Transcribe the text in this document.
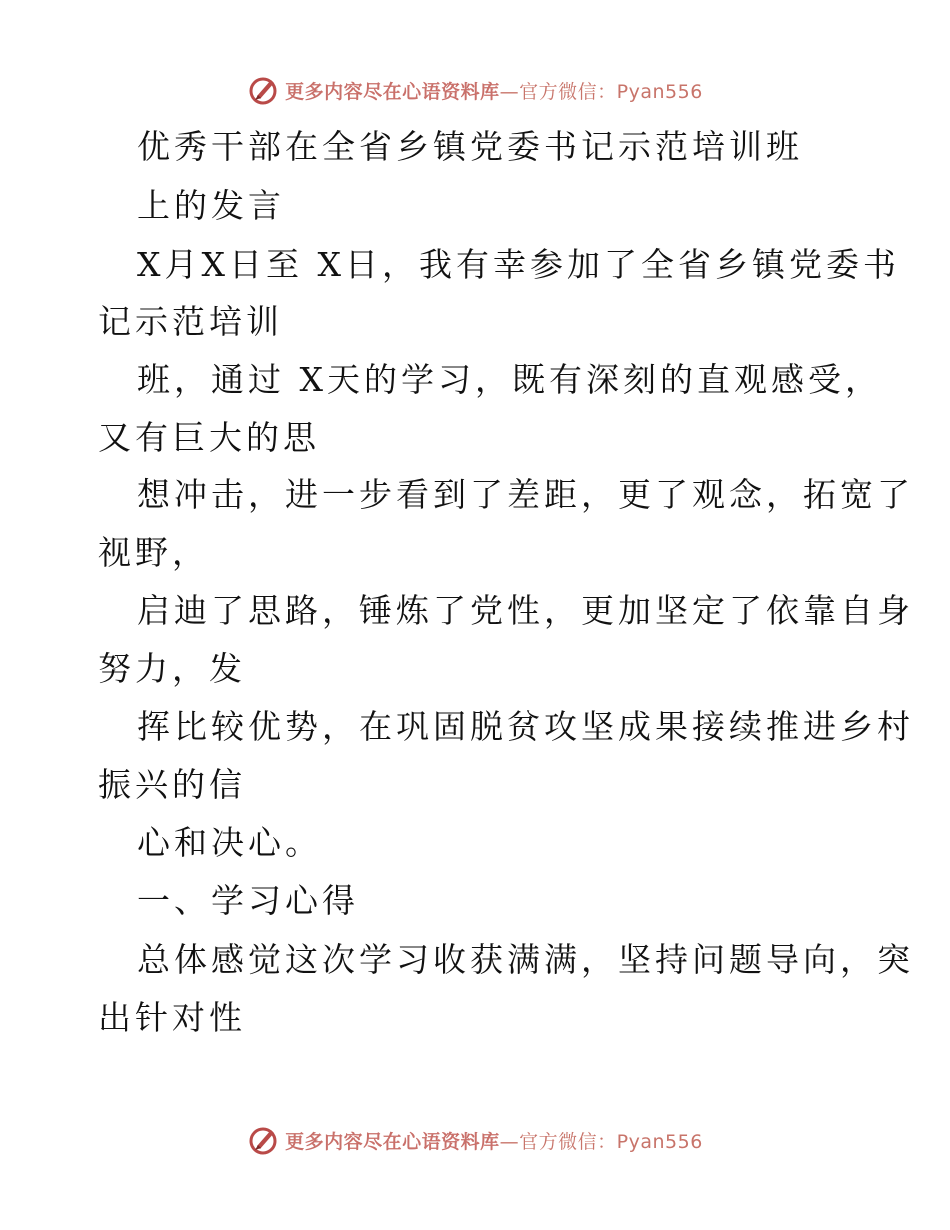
更多内容尽在心语资料库—官方微信：Pyan556
优秀干部在全省乡镇党委书记示范培训班
上的发言
X月X日至 X日，我有幸参加了全省乡镇党委书
记示范培训
班，通过 X天的学习，既有深刻的直观感受，
又有巨大的思
想冲击，进一步看到了差距，更了观念，拓宽了
视野，
启迪了思路，锤炼了党性，更加坚定了依靠自身
努力，发
挥比较优势，在巩固脱贫攻坚成果接续推进乡村
振兴的信
心和决心。
一、学习心得
总体感觉这次学习收获满满，坚持问题导向，突
出针对性
更多内容尽在心语资料库—官方微信：Pyan556
